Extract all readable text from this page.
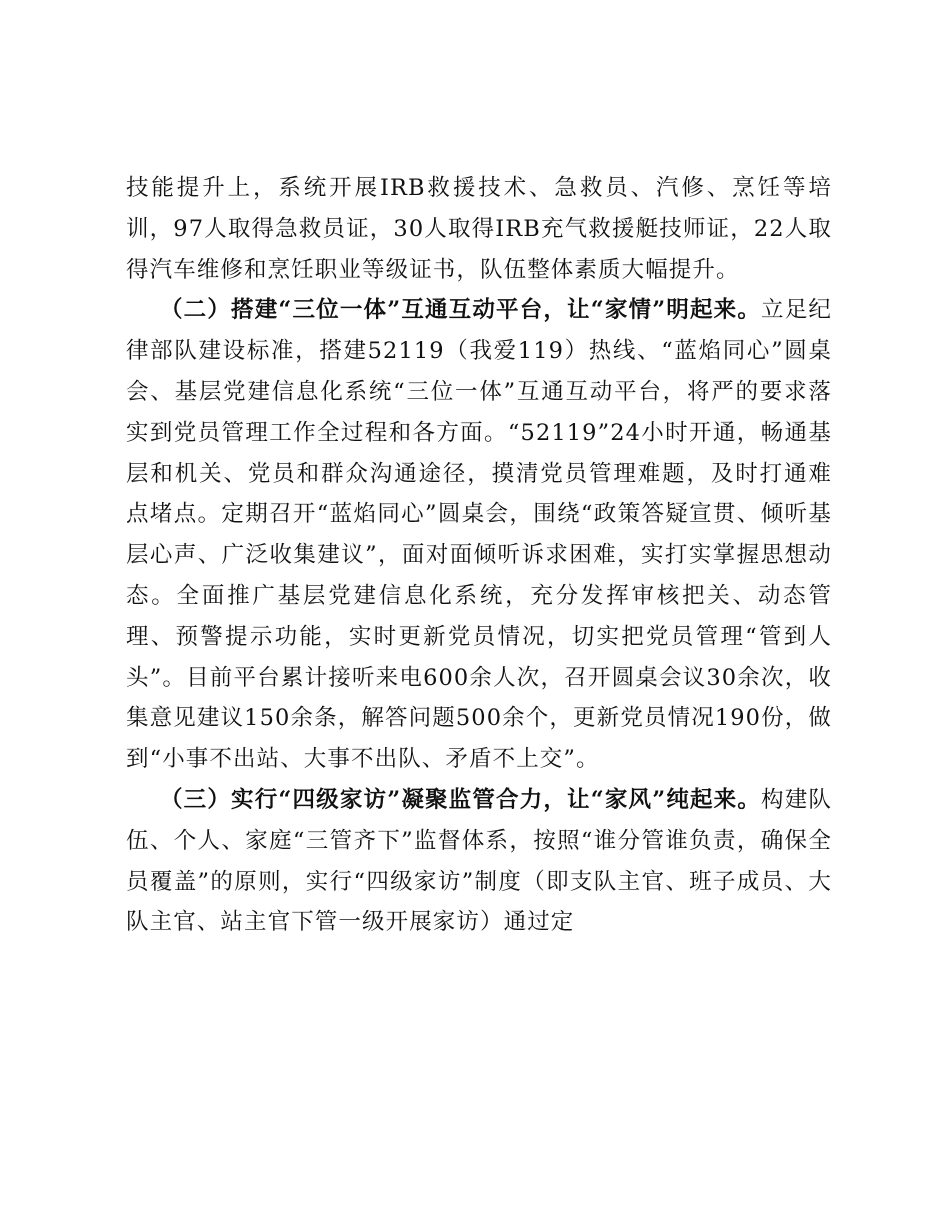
技能提升上，系统开展IRB救援技术、急救员、汽修、烹饪等培训，97人取得急救员证，30人取得IRB充气救援艇技师证，22人取得汽车维修和烹饪职业等级证书，队伍整体素质大幅提升。

（二）搭建“三位一体”互通互动平台，让“家情”明起来。立足纪律部队建设标准，搭建52119（我爱119）热线、“蓝焰同心”圆桌会、基层党建信息化系统“三位一体”互通互动平台，将严的要求落实到党员管理工作全过程和各方面。“52119”24小时开通，畅通基层和机关、党员和群众沟通途径，摸清党员管理难题，及时打通难点堵点。定期召开“蓝焰同心”圆桌会，围绕“政策答疑宣贯、倾听基层心声、广泛收集建议”，面对面倾听诉求困难，实打实掌握思想动态。全面推广基层党建信息化系统，充分发挥审核把关、动态管理、预警提示功能，实时更新党员情况，切实把党员管理“管到人头”。目前平台累计接听来电600余人次，召开圆桌会议30余次，收集意见建议150余条，解答问题500余个，更新党员情况190份，做到“小事不出站、大事不出队、矛盾不上交”。

（三）实行“四级家访”凝聚监管合力，让“家风”纯起来。构建队伍、个人、家庭“三管齐下”监督体系，按照“谁分管谁负责，确保全员覆盖”的原则，实行“四级家访”制度（即支队主官、班子成员、大队主官、站主官下管一级开展家访）通过定
